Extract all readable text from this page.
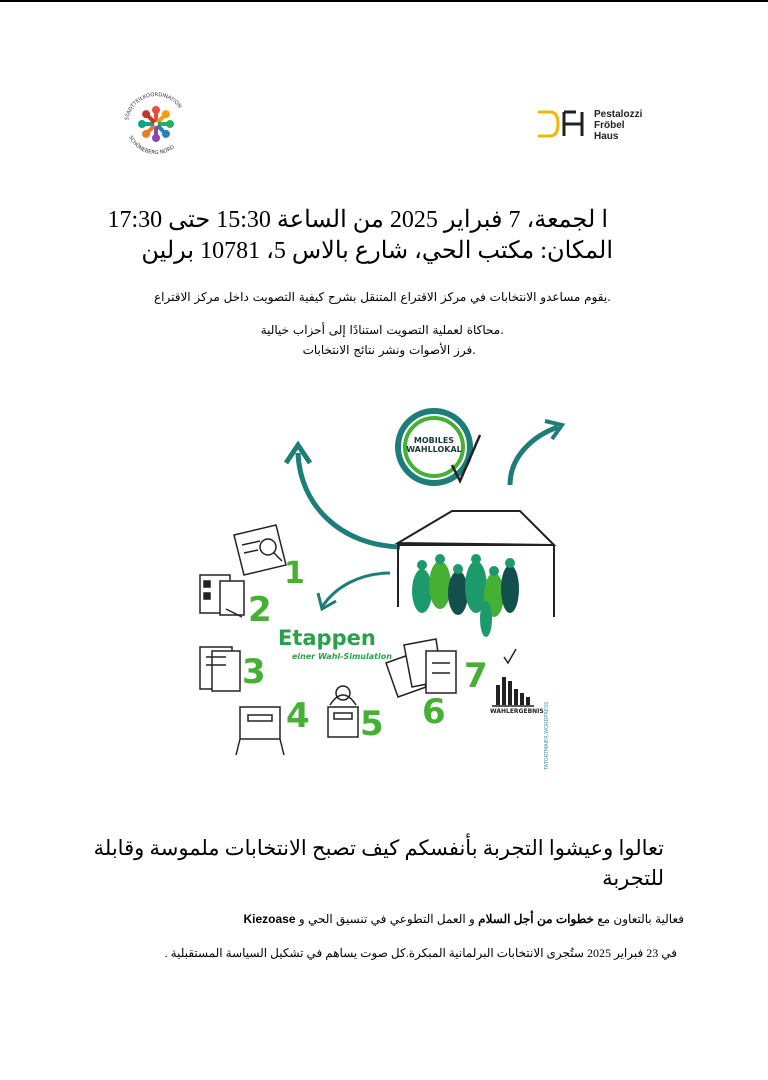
STADTTEILKOORDINATION
SCHÖNEBERG NORD
Pestalozzi
Fröbel
Haus
ا لجمعة، 7 فبراير 2025 من الساعة 15:30 حتى 17:30
المكان: مكتب الحي، شارع بالاس 5، 10781 برلين
.يقوم مساعدو الانتخابات في مركز الاقتراع المتنقل بشرح كيفية التصويت داخل مركز الاقتراع
.محاكاة لعملية التصويت استنادًا إلى أحزاب خيالية
.فرز الأصوات ونشر نتائج الانتخابات
MOBILES
WAHLLOKAL
Etappen
einer Wahl-Simulation
1
2
3
4 5 6
7
WAHLERGEBNIS TATORTMAIER.WORDPRESS
تعالوا وعيشوا التجربة بأنفسكم كيف تصبح الانتخابات ملموسة وقابلة
للتجربة
فعالية بالتعاون مع خطوات من أجل السلام و العمل التطوعي في تنسيق الحي و Kiezoase
في 23 فبراير 2025 ستُجرى الانتخابات البرلمانية المبكرة.كل صوت يساهم في تشكيل السياسة المستقبلية .
